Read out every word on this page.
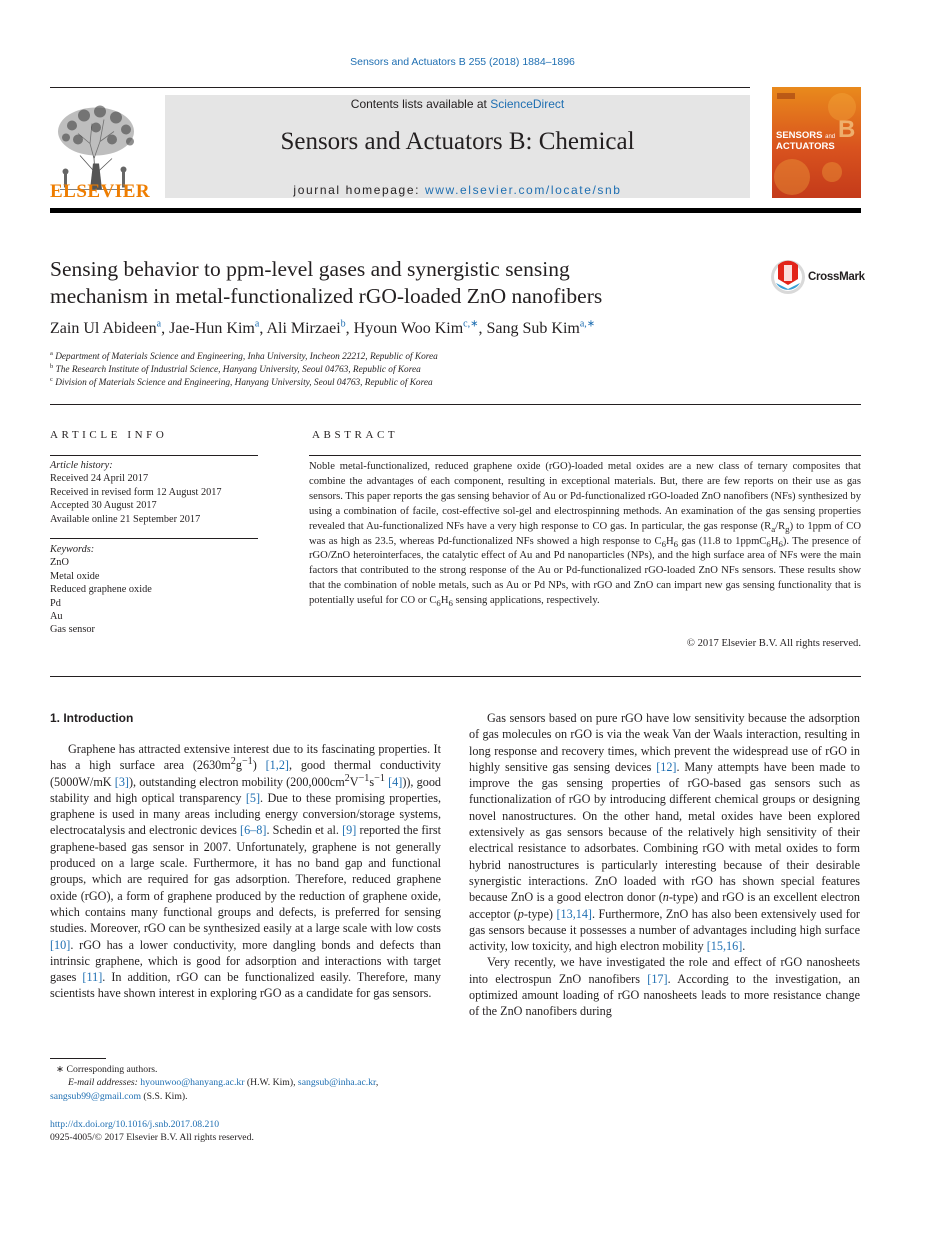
Sensors and Actuators B 255 (2018) 1884–1896
ELSEVIER
Contents lists available at ScienceDirect
Sensors and Actuators B: Chemical
journal homepage: www.elsevier.com/locate/snb
SENSORS and
ACTUATORS
B
Sensing behavior to ppm-level gases and synergistic sensing
mechanism in metal-functionalized rGO-loaded ZnO nanofibers
CrossMark
Zain Ul Abideen$^a$, Jae-Hun Kim$^a$, Ali Mirzaei$^b$, Hyoun Woo Kim$^{c,∗}$, Sang Sub Kim$^{a,∗}$
$^a$ Department of Materials Science and Engineering, Inha University, Incheon 22212, Republic of Korea
$^b$ The Research Institute of Industrial Science, Hanyang University, Seoul 04763, Republic of Korea
$^c$ Division of Materials Science and Engineering, Hanyang University, Seoul 04763, Republic of Korea
ARTICLE INFO
Article history:
Received 24 April 2017
Received in revised form 12 August 2017
Accepted 30 August 2017
Available online 21 September 2017
Keywords:
ZnO
Metal oxide
Reduced graphene oxide
Pd
Au
Gas sensor
ABSTRACT
Noble metal-functionalized, reduced graphene oxide (rGO)-loaded metal oxides are a new class of ternary composites that combine the advantages of each component, resulting in exceptional materials. But, there are few reports on their use as gas sensors. This paper reports the gas sensing behavior of Au or Pd-functionalized rGO-loaded ZnO nanofibers (NFs) synthesized by using a combination of facile, cost-effective sol-gel and electrospinning methods. An examination of the gas sensing properties revealed that Au-functionalized NFs have a very high response to CO gas. In particular, the gas response $(R_a/R_g)$ to 1ppm of CO was as high as 23.5, whereas Pd-functionalized NFs showed a high response to $C_6H_6$ gas (11.8 to $1ppmC_6H_6$). The presence of rGO/ZnO heterointerfaces, the catalytic effect of Au and Pd nanoparticles (NPs), and the high surface area of NFs were the main factors that contributed to the strong response of the Au or Pd-functionalized rGO-loaded ZnO NFs sensors. These results show that the combination of noble metals, such as Au or Pd NPs, with rGO and ZnO can impart new gas sensing functionality that is potentially useful for CO or $C_6H_6$ sensing applications, respectively.
© 2017 Elsevier B.V. All rights reserved.
1. Introduction

Graphene has attracted extensive interest due to its fascinating properties. It has a high surface area $(2630m^2g^{-1})$ [1,2], good thermal conductivity (5000W/mK [3]), outstanding electron mobility ($200,000cm^2V^{-1}s^{-1}$ [4])), good stability and high optical transparency [5]. Due to these promising properties, graphene is used in many areas including energy conversion/storage systems, electrocatalysis and electronic devices [6–8]. Schedin et al. [9] reported the first graphene-based gas sensor in 2007. Unfortunately, graphene is not generally produced on a large scale. Furthermore, it has no band gap and functional groups, which are required for gas adsorption. Therefore, reduced graphene oxide (rGO), a form of graphene produced by the reduction of graphene oxide, which contains many functional groups and defects, is preferred for sensing studies. Moreover, rGO can be synthesized easily at a large scale with low costs [10]. rGO has a lower conductivity, more dangling bonds and defects than intrinsic graphene, which is good for adsorption and interactions with target gases [11]. In addition, rGO can be functionalized easily. Therefore, many scientists have shown interest in exploring rGO as a candidate for gas sensors.

Gas sensors based on pure rGO have low sensitivity because the adsorption of gas molecules on rGO is via the weak Van der Waals interaction, resulting in long response and recovery times, which prevent the widespread use of rGO in highly sensitive gas sensing devices [12]. Many attempts have been made to improve the gas sensing properties of rGO-based gas sensors such as functionalization of rGO by introducing different chemical groups or designing novel nanostructures. On the other hand, metal oxides have been explored extensively as gas sensors because of the relatively high sensitivity of their electrical resistance to adsorbates. Combining rGO with metal oxides to form hybrid nanostructures is particularly interesting because of their desirable synergistic interactions. ZnO loaded with rGO has shown special features because ZnO is a good electron donor (n-type) and rGO is an excellent electron acceptor (p-type) [13,14]. Furthermore, ZnO has also been extensively used for gas sensors because it possesses a number of advantages including high surface activity, low toxicity, and high electron mobility [15,16].

Very recently, we have investigated the role and effect of rGO nanosheets into electrospun ZnO nanofibers [17]. According to the investigation, an optimized amount loading of rGO nanosheets leads to more resistance change of the ZnO nanofibers during

∗ Corresponding authors.
E-mail addresses: hyounwoo@hanyang.ac.kr (H.W. Kim), sangsub@inha.ac.kr,
sangsub99@gmail.com (S.S. Kim).
http://dx.doi.org/10.1016/j.snb.2017.08.210
0925-4005/© 2017 Elsevier B.V. All rights reserved.
